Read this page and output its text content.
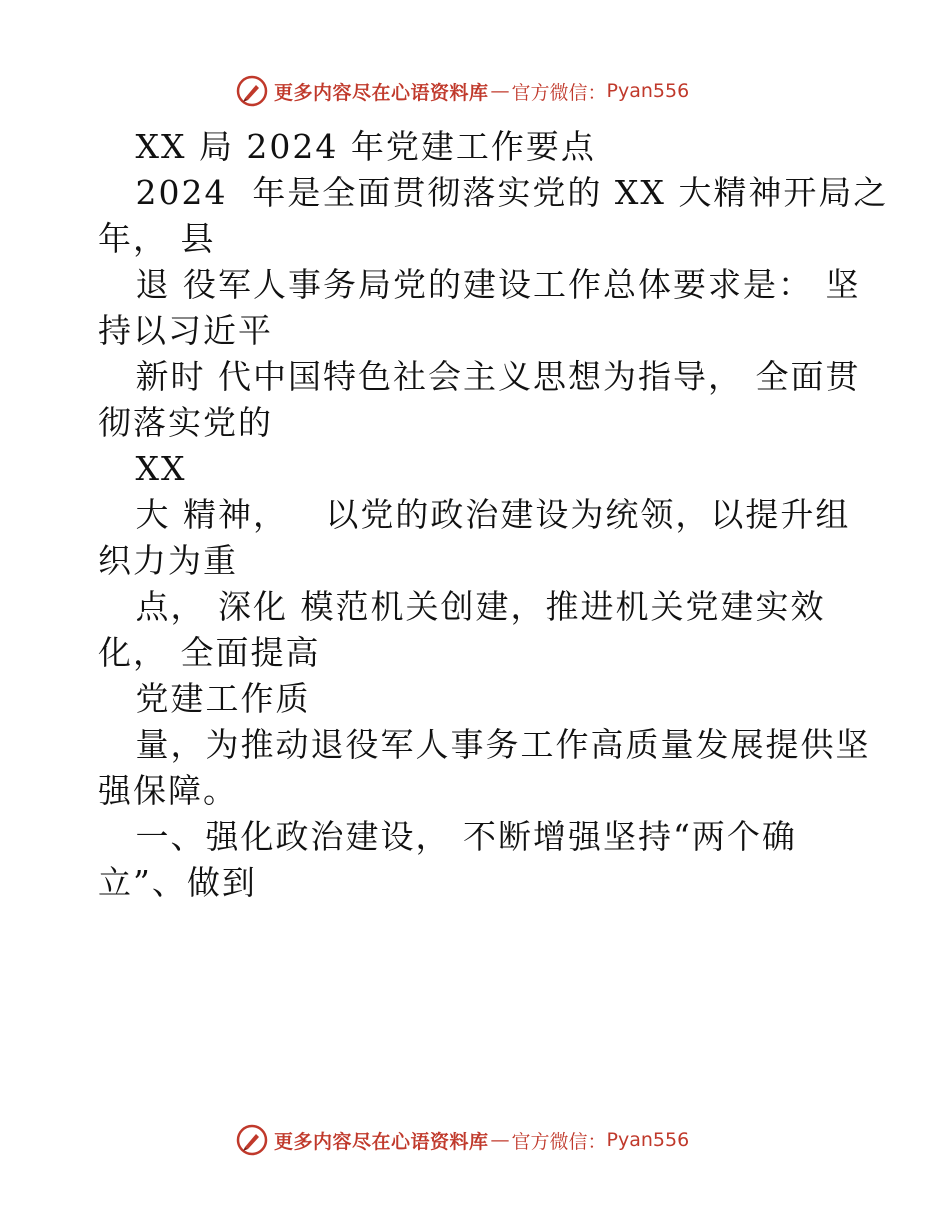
更多内容尽在心语资料库 — 官方微信： Pyan556

XX 局 2024 年党建工作要点

2024  年是全面贯彻落实党的 XX 大精神开局之

年， 县

退 役军人事务局党的建设工作总体要求是： 坚

持以习近平

新时 代中国特色社会主义思想为指导， 全面贯

彻落实党的

XX

大 精神，   以党的政治建设为统领，以提升组

织力为重

点， 深化 模范机关创建，推进机关党建实效

化， 全面提高

党建工作质

量，为推动退役军人事务工作高质量发展提供坚

强保障。

一、强化政治建设， 不断增强坚持“两个确

立”、做到

更多内容尽在心语资料库 — 官方微信： Pyan556
